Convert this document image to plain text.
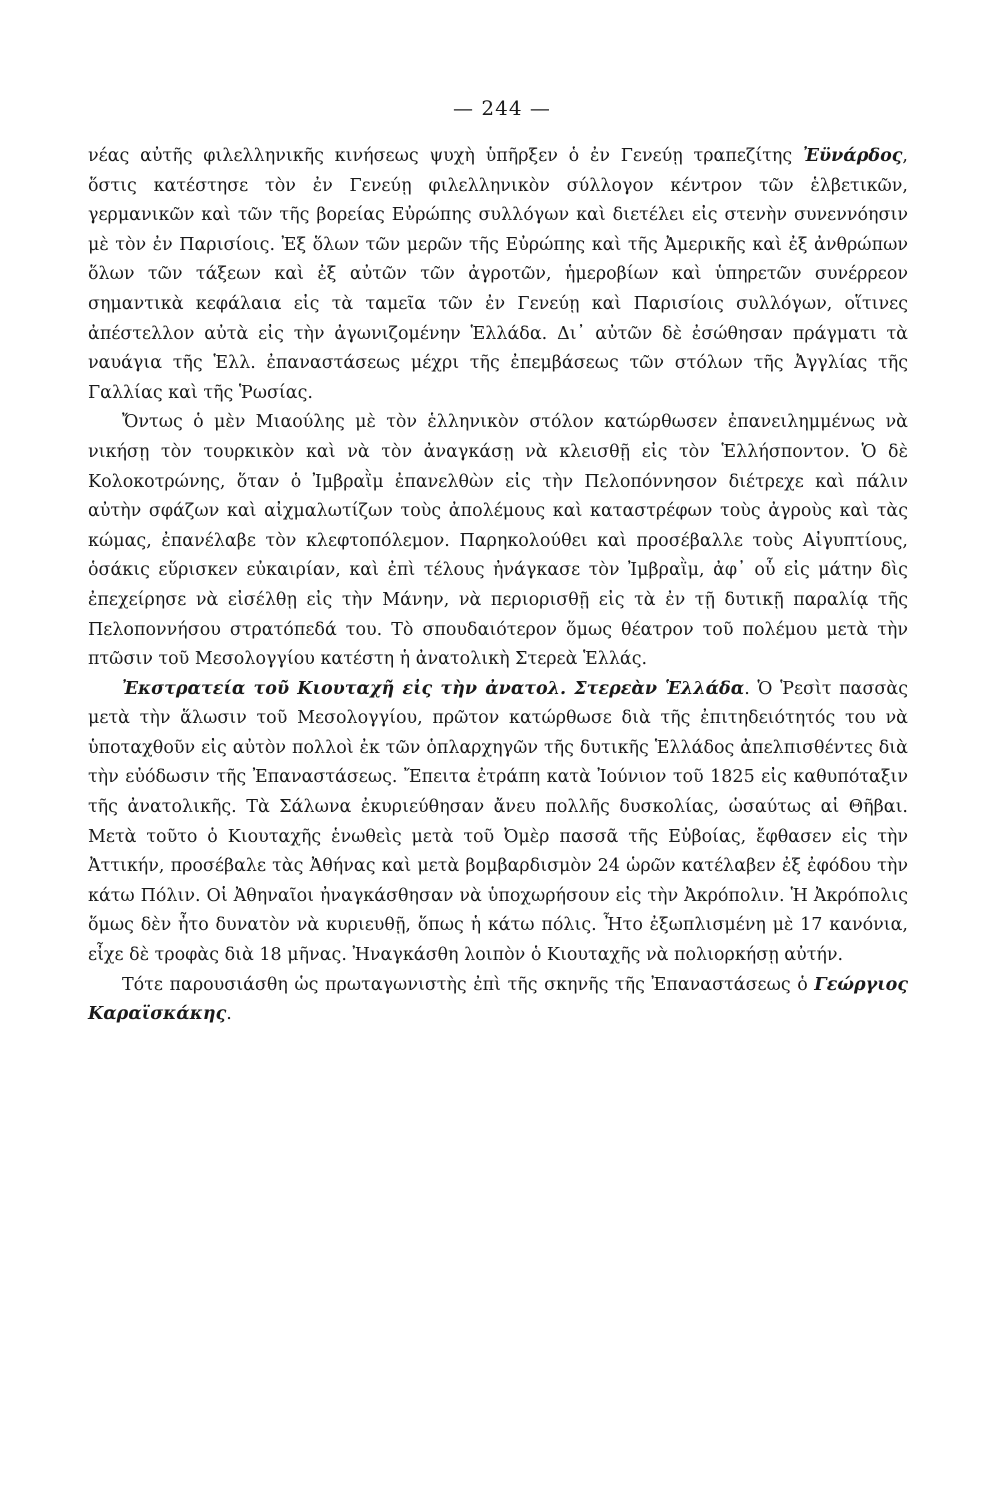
— 244 —

νέας αὐτῆς φιλελληνικῆς κινήσεως ψυχὴ ὑπῆρξεν ὁ ἐν Γενεύῃ τραπεζίτης Ἐϋνάρδος, ὅστις κατέστησε τὸν ἐν Γενεύῃ φιλελληνικὸν σύλλογον κέντρον τῶν ἑλβετικῶν, γερμανικῶν καὶ τῶν τῆς βορείας Εὐρώπης συλλόγων καὶ διετέλει εἰς στενὴν συνεννόησιν μὲ τὸν ἐν Παρισίοις. Ἐξ ὅλων τῶν μερῶν τῆς Εὐρώπης καὶ τῆς Ἀμερικῆς καὶ ἐξ ἀνθρώπων ὅλων τῶν τάξεων καὶ ἐξ αὐτῶν τῶν ἀγροτῶν, ἡμεροβίων καὶ ὑπηρετῶν συνέρρεον σημαντικὰ κεφάλαια εἰς τὰ ταμεῖα τῶν ἐν Γενεύῃ καὶ Παρισίοις συλλόγων, οἵτινες ἀπέστελλον αὐτὰ εἰς τὴν ἀγωνιζομένην Ἑλλάδα. Δι᾽ αὐτῶν δὲ ἐσώθησαν πράγματι τὰ ναυάγια τῆς Ἑλλ. ἐπαναστάσεως μέχρι τῆς ἐπεμβάσεως τῶν στόλων τῆς Ἀγγλίας τῆς Γαλλίας καὶ τῆς Ῥωσίας.

Ὄντως ὁ μὲν Μιαούλης μὲ τὸν ἑλληνικὸν στόλον κατώρθωσεν ἐπανειλημμένως νὰ νικήσῃ τὸν τουρκικὸν καὶ νὰ τὸν ἀναγκάσῃ νὰ κλεισθῇ εἰς τὸν Ἑλλήσποντον. Ὁ δὲ Κολοκοτρώνης, ὅταν ὁ Ἰμβραῒμ ἐπανελθὼν εἰς τὴν Πελοπόννησον διέτρεχε καὶ πάλιν αὐτὴν σφάζων καὶ αἰχμαλωτίζων τοὺς ἀπολέμους καὶ καταστρέφων τοὺς ἀγροὺς καὶ τὰς κώμας, ἐπανέλαβε τὸν κλεφτοπόλεμον. Παρηκολούθει καὶ προσέβαλλε τοὺς Αἰγυπτίους, ὁσάκις εὕρισκεν εὐκαιρίαν, καὶ ἐπὶ τέλους ἠνάγκασε τὸν Ἰμβραῒμ, ἀφ᾽ οὗ εἰς μάτην δὶς ἐπεχείρησε νὰ εἰσέλθῃ εἰς τὴν Μάνην, νὰ περιορισθῇ εἰς τὰ ἐν τῇ δυτικῇ παραλίᾳ τῆς Πελοποννήσου στρατόπεδά του. Τὸ σπουδαιότερον ὅμως θέατρον τοῦ πολέμου μετὰ τὴν πτῶσιν τοῦ Μεσολογγίου κατέστη ἡ ἀνατολικὴ Στερεὰ Ἑλλάς.

Ἐκστρατεία τοῦ Κιουταχῆ εἰς τὴν ἀνατολ. Στερεὰν Ἑλλάδα. Ὁ Ῥεσὶτ πασσὰς μετὰ τὴν ἅλωσιν τοῦ Μεσολογγίου, πρῶτον κατώρθωσε διὰ τῆς ἐπιτηδειότητός του νὰ ὑποταχθοῦν εἰς αὐτὸν πολλοὶ ἐκ τῶν ὁπλαρχηγῶν τῆς δυτικῆς Ἑλλάδος ἀπελπισθέντες διὰ τὴν εὐόδωσιν τῆς Ἐπαναστάσεως. Ἔπειτα ἐτράπη κατὰ Ἰούνιον τοῦ 1825 εἰς καθυπόταξιν τῆς ἀνατολικῆς. Τὰ Σάλωνα ἐκυριεύθησαν ἄνευ πολλῆς δυσκολίας, ὡσαύτως αἱ Θῆβαι. Μετὰ τοῦτο ὁ Κιουταχῆς ἑνωθεὶς μετὰ τοῦ Ὀμὲρ πασσᾶ τῆς Εὐβοίας, ἔφθασεν εἰς τὴν Ἀττικήν, προσέβαλε τὰς Ἀθήνας καὶ μετὰ βομβαρδισμὸν 24 ὡρῶν κατέλαβεν ἐξ ἐφόδου τὴν κάτω Πόλιν. Οἱ Ἀθηναῖοι ἠναγκάσθησαν νὰ ὑποχωρήσουν εἰς τὴν Ἀκρόπολιν. Ἡ Ἀκρόπολις ὅμως δὲν ἦτο δυνατὸν νὰ κυριευθῇ, ὅπως ἡ κάτω πόλις. Ἦτο ἐξωπλισμένη μὲ 17 κανόνια, εἶχε δὲ τροφὰς διὰ 18 μῆνας. Ἠναγκάσθη λοιπὸν ὁ Κιουταχῆς νὰ πολιορκήσῃ αὐτήν.

Τότε παρουσιάσθη ὡς πρωταγωνιστὴς ἐπὶ τῆς σκηνῆς τῆς Ἐπαναστάσεως ὁ Γεώργιος Καραϊσκάκης.
